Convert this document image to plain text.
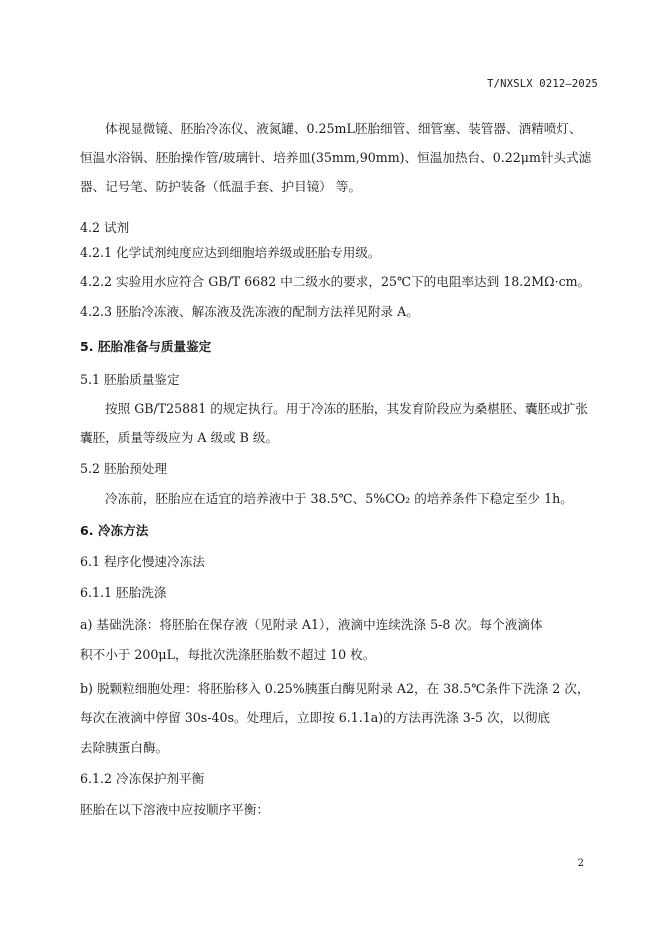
T/NXSLX 0212—2025
体视显微镜、胚胎冷冻仪、液氮罐、0.25mL胚胎细管、细管塞、装管器、酒精喷灯、
恒温水浴锅、胚胎操作管/玻璃针、培养皿(35mm,90mm)、恒温加热台、0.22μm针头式滤
器、记号笔、防护装备（低温手套、护目镜） 等。
4.2 试剂
4.2.1 化学试剂纯度应达到细胞培养级或胚胎专用级。
4.2.2 实验用水应符合 GB/T 6682 中二级水的要求，25℃下的电阻率达到 18.2MΩ·cm。
4.2.3 胚胎冷冻液、解冻液及洗冻液的配制方法祥见附录 A。
5. 胚胎准备与质量鉴定
5.1 胚胎质量鉴定
按照 GB/T25881 的规定执行。用于冷冻的胚胎，其发育阶段应为桑椹胚、囊胚或扩张
囊胚，质量等级应为 A 级或 B 级。
5.2 胚胎预处理
冷冻前，胚胎应在适宜的培养液中于 38.5℃、5%CO₂ 的培养条件下稳定至少 1h。
6. 冷冻方法
6.1 程序化慢速冷冻法
6.1.1 胚胎洗涤
a) 基础洗涤：将胚胎在保存液（见附录 A1），液滴中连续洗涤 5-8 次。每个液滴体
积不小于 200μL，每批次洗涤胚胎数不超过 10 枚。
b) 脱颗粒细胞处理：将胚胎移入 0.25%胰蛋白酶见附录 A2，在 38.5℃条件下洗涤 2 次，
每次在液滴中停留 30s-40s。处理后，立即按 6.1.1a)的方法再洗涤 3-5 次，以彻底
去除胰蛋白酶。
6.1.2 冷冻保护剂平衡
胚胎在以下溶液中应按顺序平衡：
2
